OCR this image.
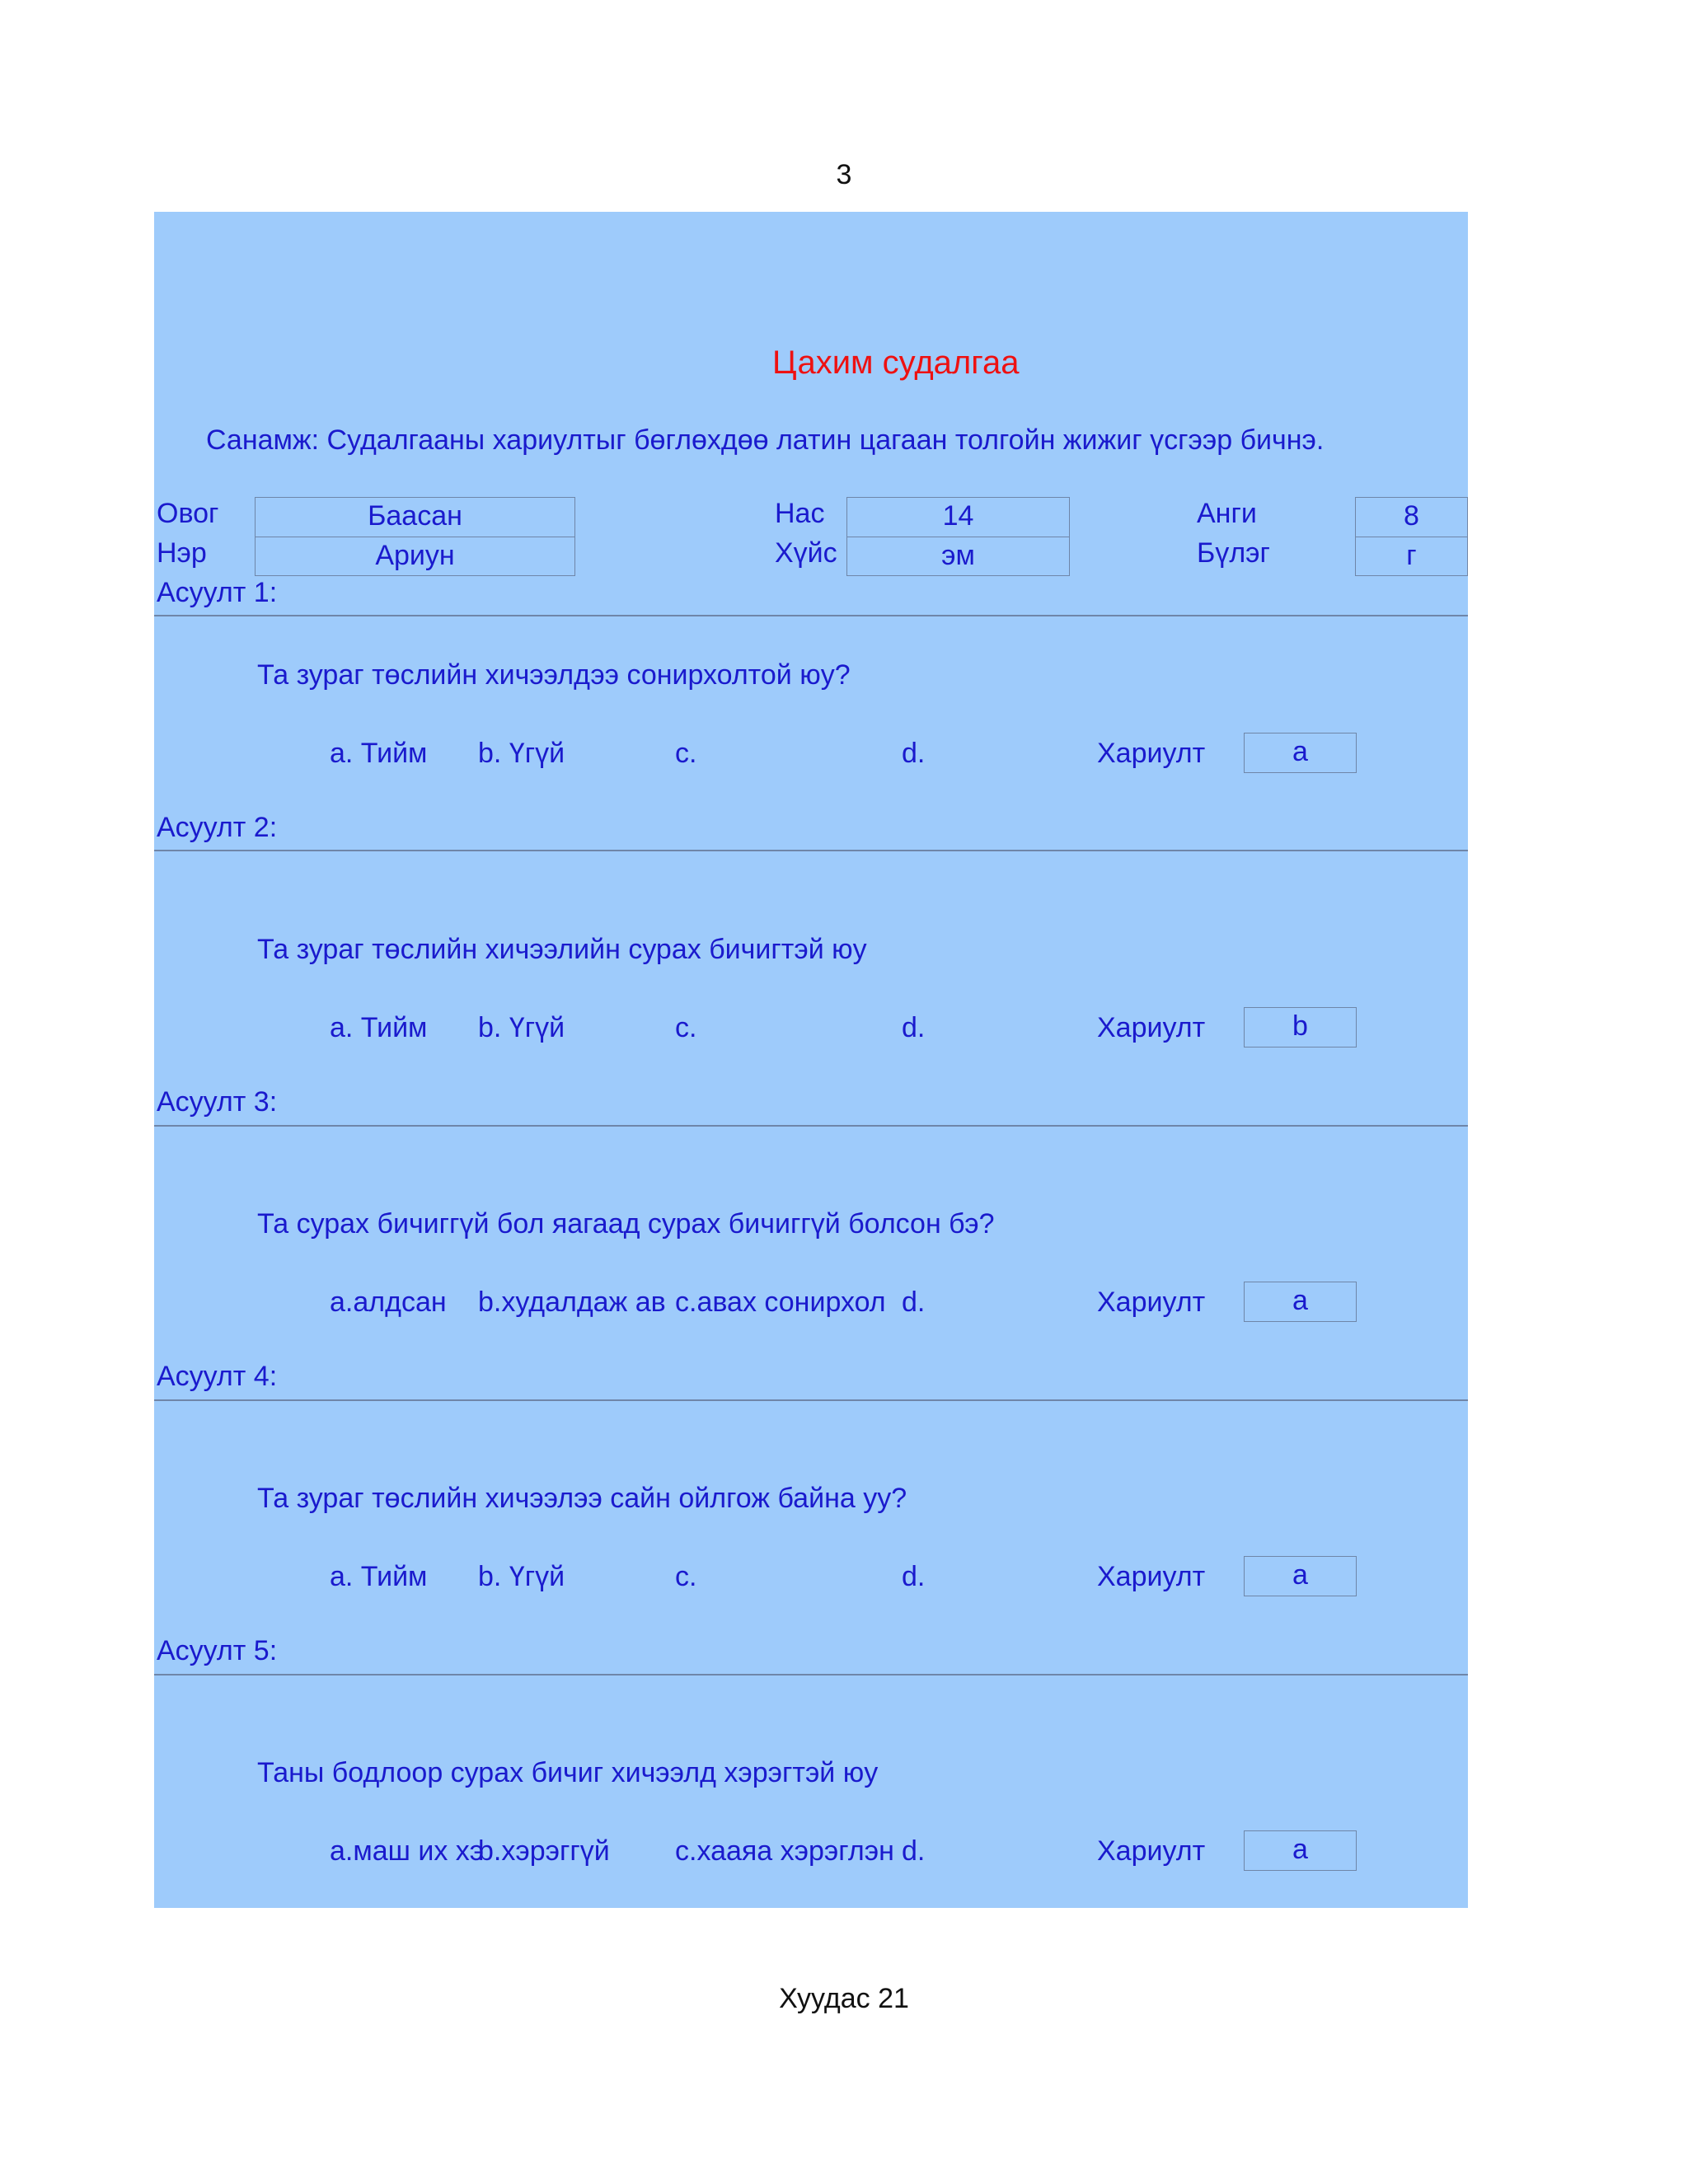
3
Цахим судалгаа
Санамж: Судалгааны хариултыг бөглөхдөө латин цагаан толгойн жижиг үсгээр бичнэ.
Овог	Баасан
Нэр	Ариун
Нас	14
Хүйс	эм
Анги	8
Бүлэг	г
Асуулт 1:
Та зураг төслийн хичээлдээ сонирхолтой юу?
a. Тийм b. Үгүй	c.	d.	Хариулт	a
Асуулт 2:
Та зураг төслийн хичээлийн сурах бичигтэй юу
a. Тийм b. Үгүй	c.	d.	Хариулт	b
Асуулт 3:
Та сурах бичиггүй бол яагаад сурах бичиггүй болсон бэ?
a.алдсан b.худалдаж ав c.авах сонирхол d.	Хариулт	a
Асуулт 4:
Та зураг төслийн хичээлээ сайн ойлгож байна уу?
a. Тийм b. Үгүй	c.	d.	Хариулт	a
Асуулт 5:
Таны бодлоор сурах бичиг хичээлд хэрэгтэй юу
a.маш их хэ
b.хэрэггүй c.хааяа хэрэглэн d.	Хариулт	a
Хуудас 21
